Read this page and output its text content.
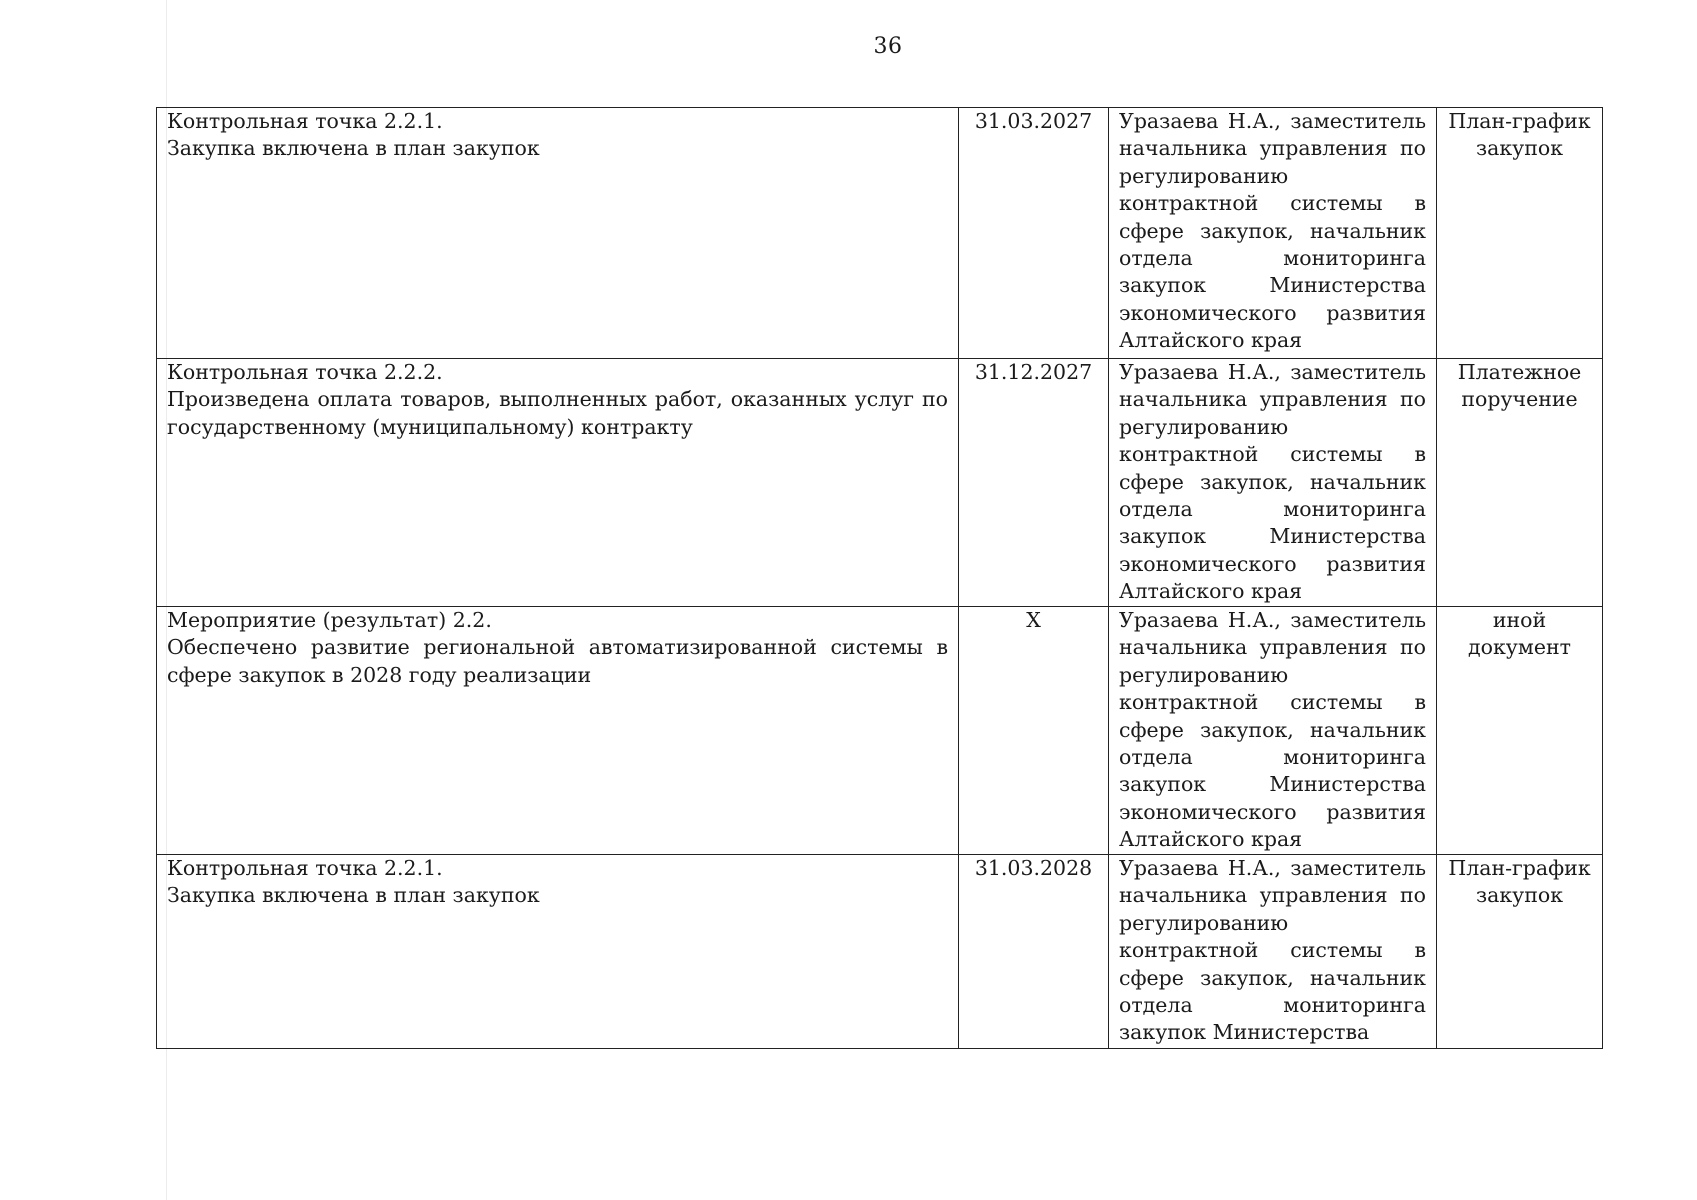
36
Контрольная точка 2.2.1.
Закупка включена в план закупок	31.03.2027	Уразаева Н.А., заместитель начальника управления по регулированию контрактной системы в сфере закупок, начальник отдела мониторинга закупок Министерства экономического развития Алтайского края	План-график закупок

Контрольная точка 2.2.2.
Произведена оплата товаров, выполненных работ, оказанных услуг по государственному (муниципальному) контракту	31.12.2027	Уразаева Н.А., заместитель начальника управления по регулированию контрактной системы в сфере закупок, начальник отдела мониторинга закупок Министерства экономического развития Алтайского края	Платежное поручение

Мероприятие (результат) 2.2.
Обеспечено развитие региональной автоматизированной системы в сфере закупок в 2028 году реализации	Х	Уразаева Н.А., заместитель начальника управления по регулированию контрактной системы в сфере закупок, начальник отдела мониторинга закупок Министерства экономического развития Алтайского края	иной документ

Контрольная точка 2.2.1.
Закупка включена в план закупок	31.03.2028	Уразаева Н.А., заместитель начальника управления по регулированию контрактной системы в сфере закупок, начальник отдела мониторинга закупок Министерства	План-график закупок
